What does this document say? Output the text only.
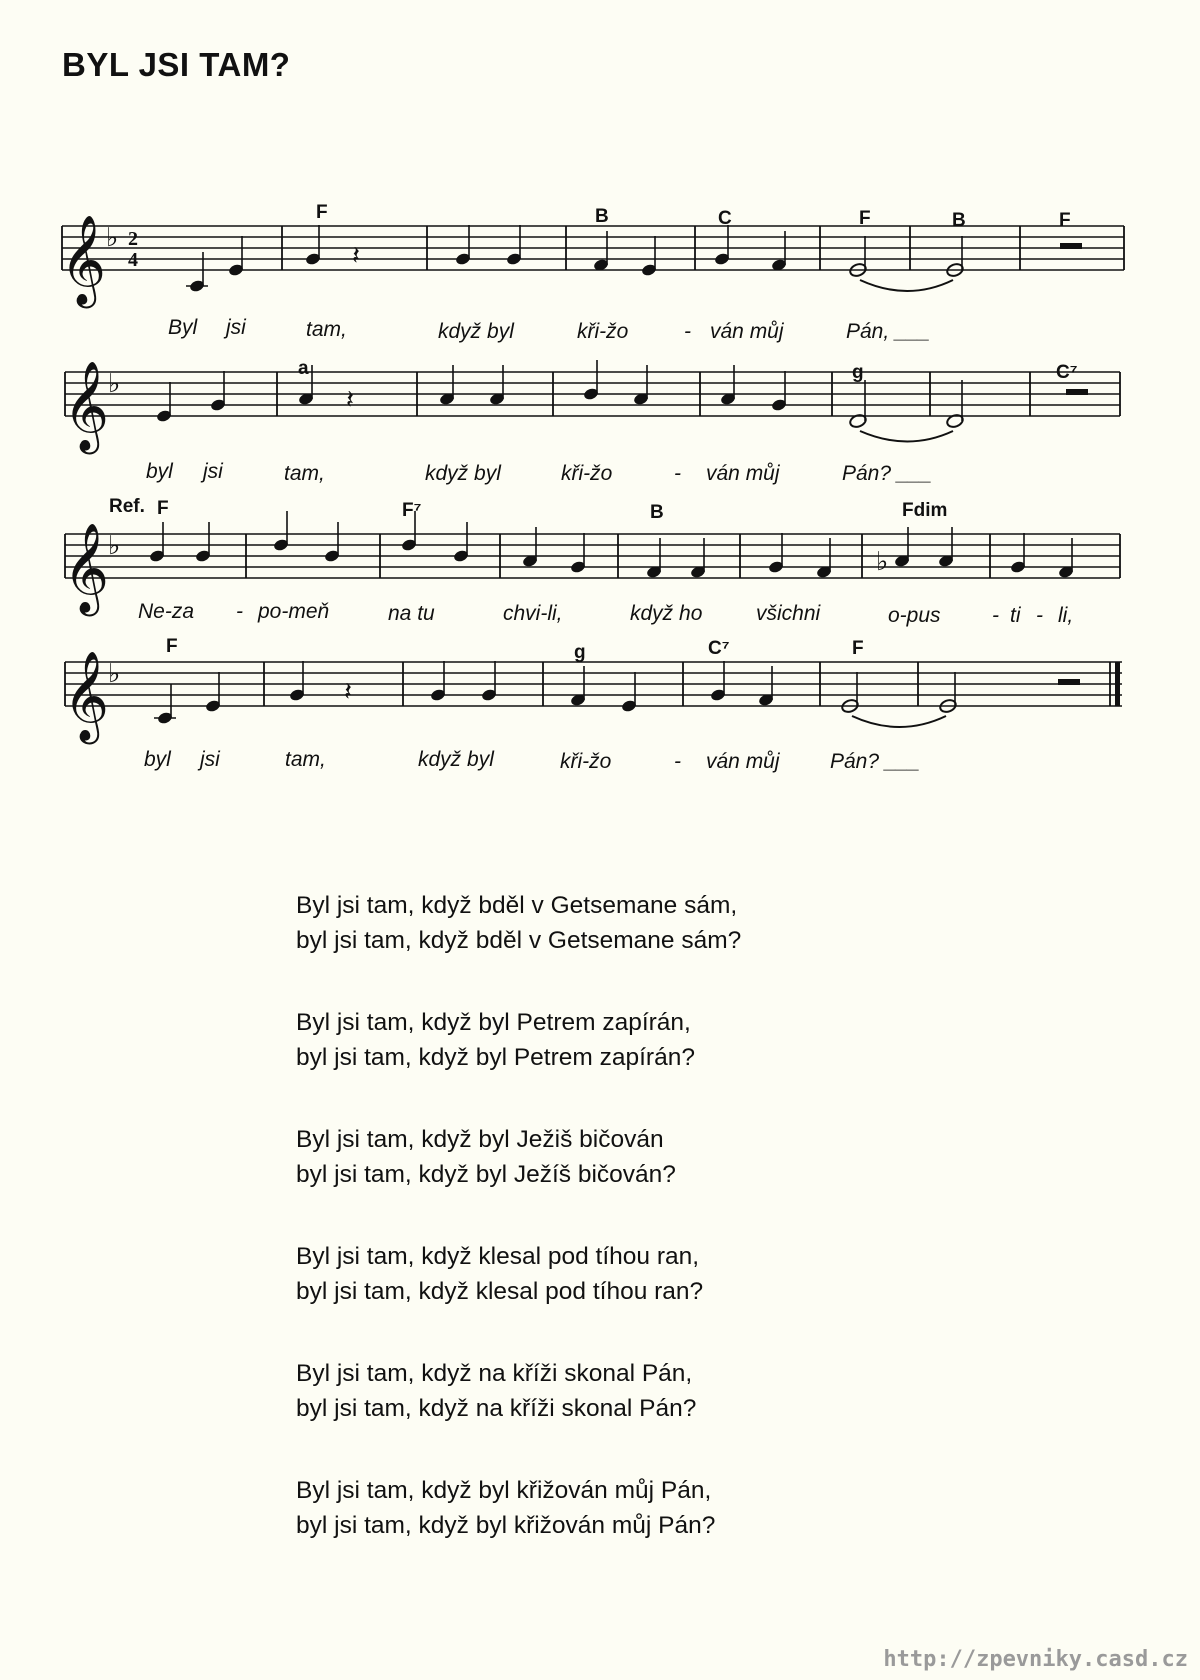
BYL JSI TAM?
𝄞 ♭ 2
4	𝄽
F	B	C	F	B	F
Byl jsi	tam,	když byl	kři-žo	- ván můj	Pán, ___
𝄞
♭
𝄽
a	g	C⁷
byl jsi	tam,	když byl	kři-žo	- ván můj	Pán? ___
𝄞
♭
♭
Ref. F	F⁷	B	Fdim
Ne-za - po-meň	na tu	chvi-li,	když ho	všichni	o-pus - ti - li,
𝄞
♭
𝄽
F	g	C⁷	F
byl jsi	tam,	když byl	kři-žo	- ván můj Pán? ___
Byl jsi tam, když bděl v Getsemane sám,
byl jsi tam, když bděl v Getsemane sám?
Byl jsi tam, když byl Petrem zapírán,
byl jsi tam, když byl Petrem zapírán?
Byl jsi tam, když byl Ježiš bičován
byl jsi tam, když byl Ježíš bičován?
Byl jsi tam, když klesal pod tíhou ran,
byl jsi tam, když klesal pod tíhou ran?
Byl jsi tam, když na kříži skonal Pán,
byl jsi tam, když na kříži skonal Pán?
Byl jsi tam, když byl křižován můj Pán,
byl jsi tam, když byl křižován můj Pán?
http://zpevniky.casd.cz
